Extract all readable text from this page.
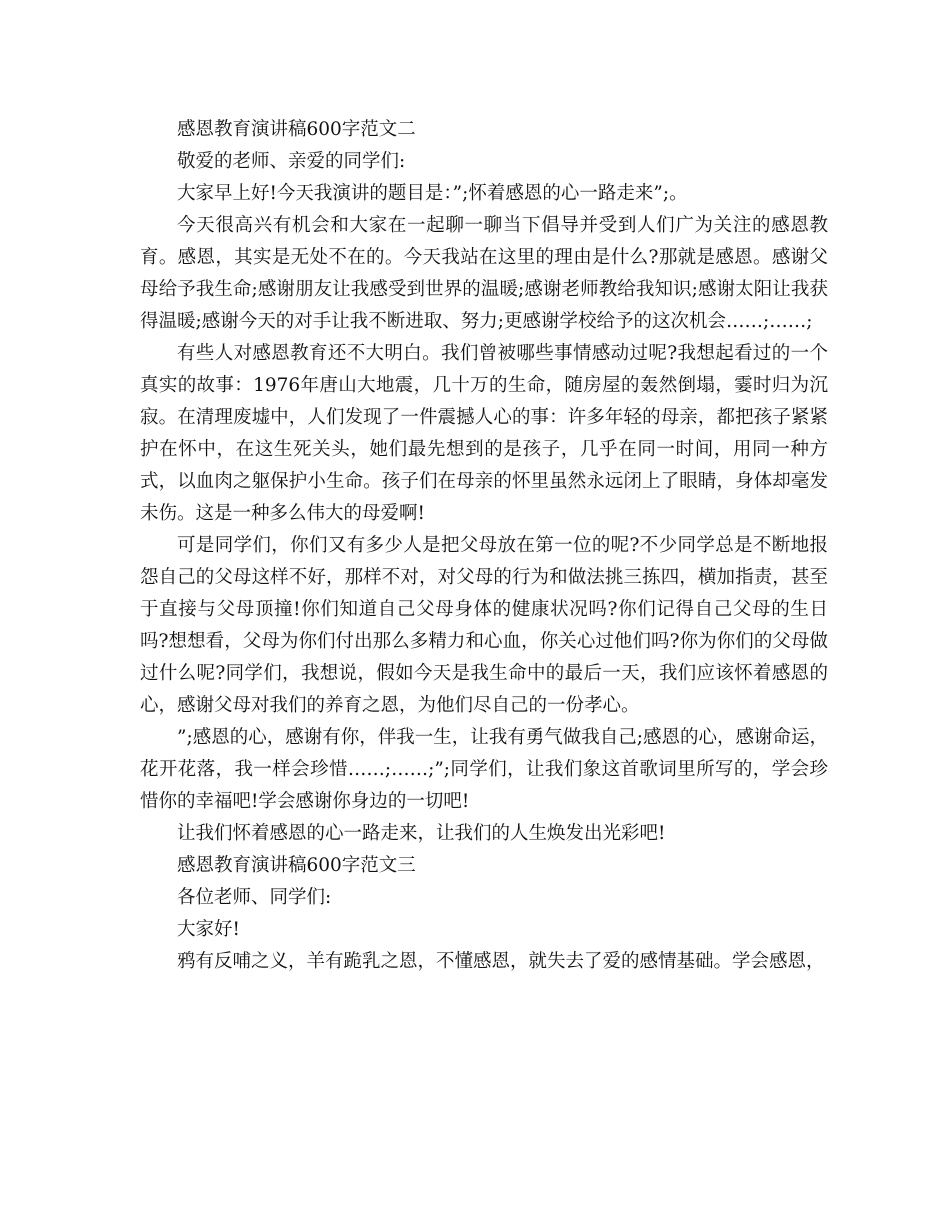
感恩教育演讲稿600字范文二
敬爱的老师、亲爱的同学们:
大家早上好!今天我演讲的题目是：”;怀着感恩的心一路走来”;。

今天很高兴有机会和大家在一起聊一聊当下倡导并受到人们广为关注的感恩教育。感恩，其实是无处不在的。今天我站在这里的理由是什么?那就是感恩。感谢父母给予我生命;感谢朋友让我感受到世界的温暖;感谢老师教给我知识;感谢太阳让我获得温暖;感谢今天的对手让我不断进取、努力;更感谢学校给予的这次机会……;……;

有些人对感恩教育还不大明白。我们曾被哪些事情感动过呢?我想起看过的一个真实的故事：1976年唐山大地震，几十万的生命，随房屋的轰然倒塌，霎时归为沉寂。在清理废墟中，人们发现了一件震撼人心的事：许多年轻的母亲，都把孩子紧紧护在怀中，在这生死关头，她们最先想到的是孩子，几乎在同一时间，用同一种方式，以血肉之躯保护小生命。孩子们在母亲的怀里虽然永远闭上了眼睛，身体却毫发未伤。这是一种多么伟大的母爱啊!

可是同学们，你们又有多少人是把父母放在第一位的呢?不少同学总是不断地报怨自己的父母这样不好，那样不对，对父母的行为和做法挑三拣四，横加指责，甚至于直接与父母顶撞!你们知道自己父母身体的健康状况吗?你们记得自己父母的生日吗?想想看，父母为你们付出那么多精力和心血，你关心过他们吗?你为你们的父母做过什么呢?同学们，我想说，假如今天是我生命中的最后一天，我们应该怀着感恩的心，感谢父母对我们的养育之恩，为他们尽自己的一份孝心。

”;感恩的心，感谢有你，伴我一生，让我有勇气做我自己;感恩的心，感谢命运，花开花落，我一样会珍惜……;……;”;同学们，让我们象这首歌词里所写的，学会珍惜你的幸福吧!学会感谢你身边的一切吧!

让我们怀着感恩的心一路走来，让我们的人生焕发出光彩吧!
感恩教育演讲稿600字范文三
各位老师、同学们:
大家好!
鸦有反哺之义，羊有跪乳之恩，不懂感恩，就失去了爱的感情基础。学会感恩，
